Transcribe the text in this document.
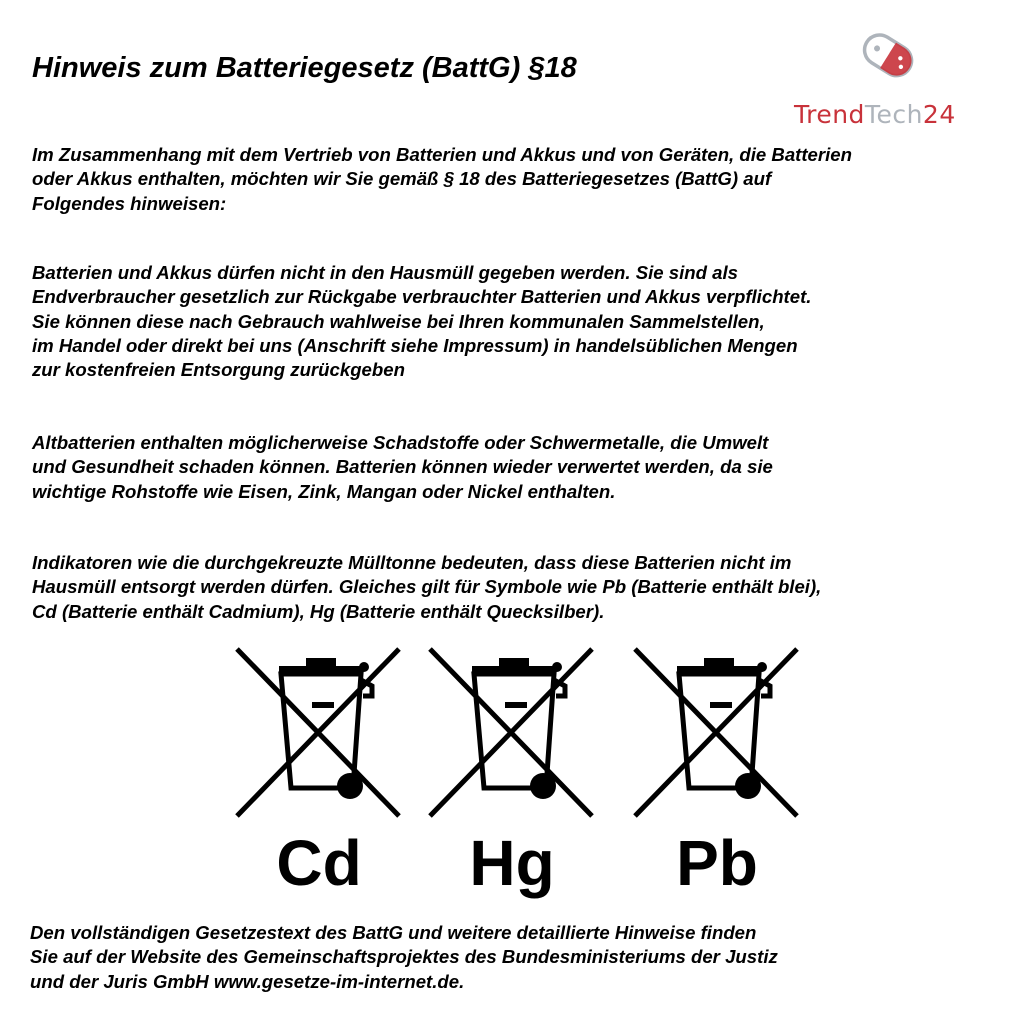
Hinweis zum Batteriegesetz (BattG) §18
TrendTech24

Im Zusammenhang mit dem Vertrieb von Batterien und Akkus und von Geräten, die Batterien
oder Akkus enthalten, möchten wir Sie gemäß § 18 des Batteriegesetzes (BattG) auf
Folgendes hinweisen:

Batterien und Akkus dürfen nicht in den Hausmüll gegeben werden. Sie sind als
Endverbraucher gesetzlich zur Rückgabe verbrauchter Batterien und Akkus verpflichtet.
Sie können diese nach Gebrauch wahlweise bei Ihren kommunalen Sammelstellen,
im Handel oder direkt bei uns (Anschrift siehe Impressum) in handelsüblichen Mengen
zur kostenfreien Entsorgung zurückgeben

Altbatterien enthalten möglicherweise Schadstoffe oder Schwermetalle, die Umwelt
und Gesundheit schaden können. Batterien können wieder verwertet werden, da sie
wichtige Rohstoffe wie Eisen, Zink, Mangan oder Nickel enthalten.

Indikatoren wie die durchgekreuzte Mülltonne bedeuten, dass diese Batterien nicht im
Hausmüll entsorgt werden dürfen. Gleiches gilt für Symbole wie Pb (Batterie enthält blei),
Cd (Batterie enthält Cadmium), Hg (Batterie enthält Quecksilber).

Cd	Hg	Pb

Den vollständigen Gesetzestext des BattG und weitere detaillierte Hinweise finden
Sie auf der Website des Gemeinschaftsprojektes des Bundesministeriums der Justiz
und der Juris GmbH www.gesetze-im-internet.de.
